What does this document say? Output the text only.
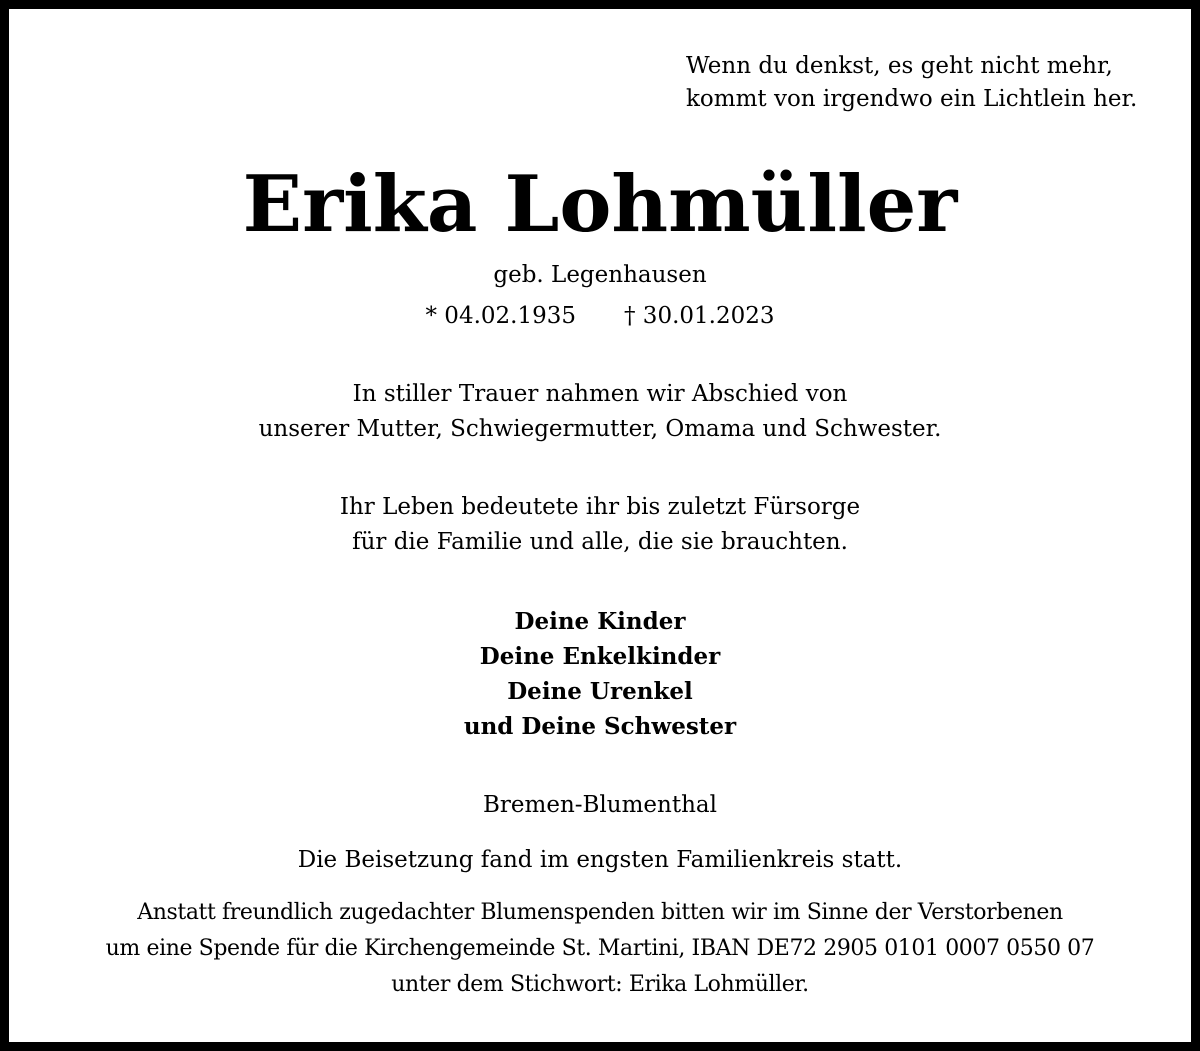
Wenn du denkst, es geht nicht mehr,
kommt von irgendwo ein Lichtlein her.
Erika Lohmüller
geb. Legenhausen
* 04.02.1935 † 30.01.2023
In stiller Trauer nahmen wir Abschied von
unserer Mutter, Schwiegermutter, Omama und Schwester.
Ihr Leben bedeutete ihr bis zuletzt Fürsorge
für die Familie und alle, die sie brauchten.
Deine Kinder
Deine Enkelkinder
Deine Urenkel
und Deine Schwester
Bremen-Blumenthal
Die Beisetzung fand im engsten Familienkreis statt.
Anstatt freundlich zugedachter Blumenspenden bitten wir im Sinne der Verstorbenen
um eine Spende für die Kirchengemeinde St. Martini, IBAN DE72 2905 0101 0007 0550 07
unter dem Stichwort: Erika Lohmüller.
